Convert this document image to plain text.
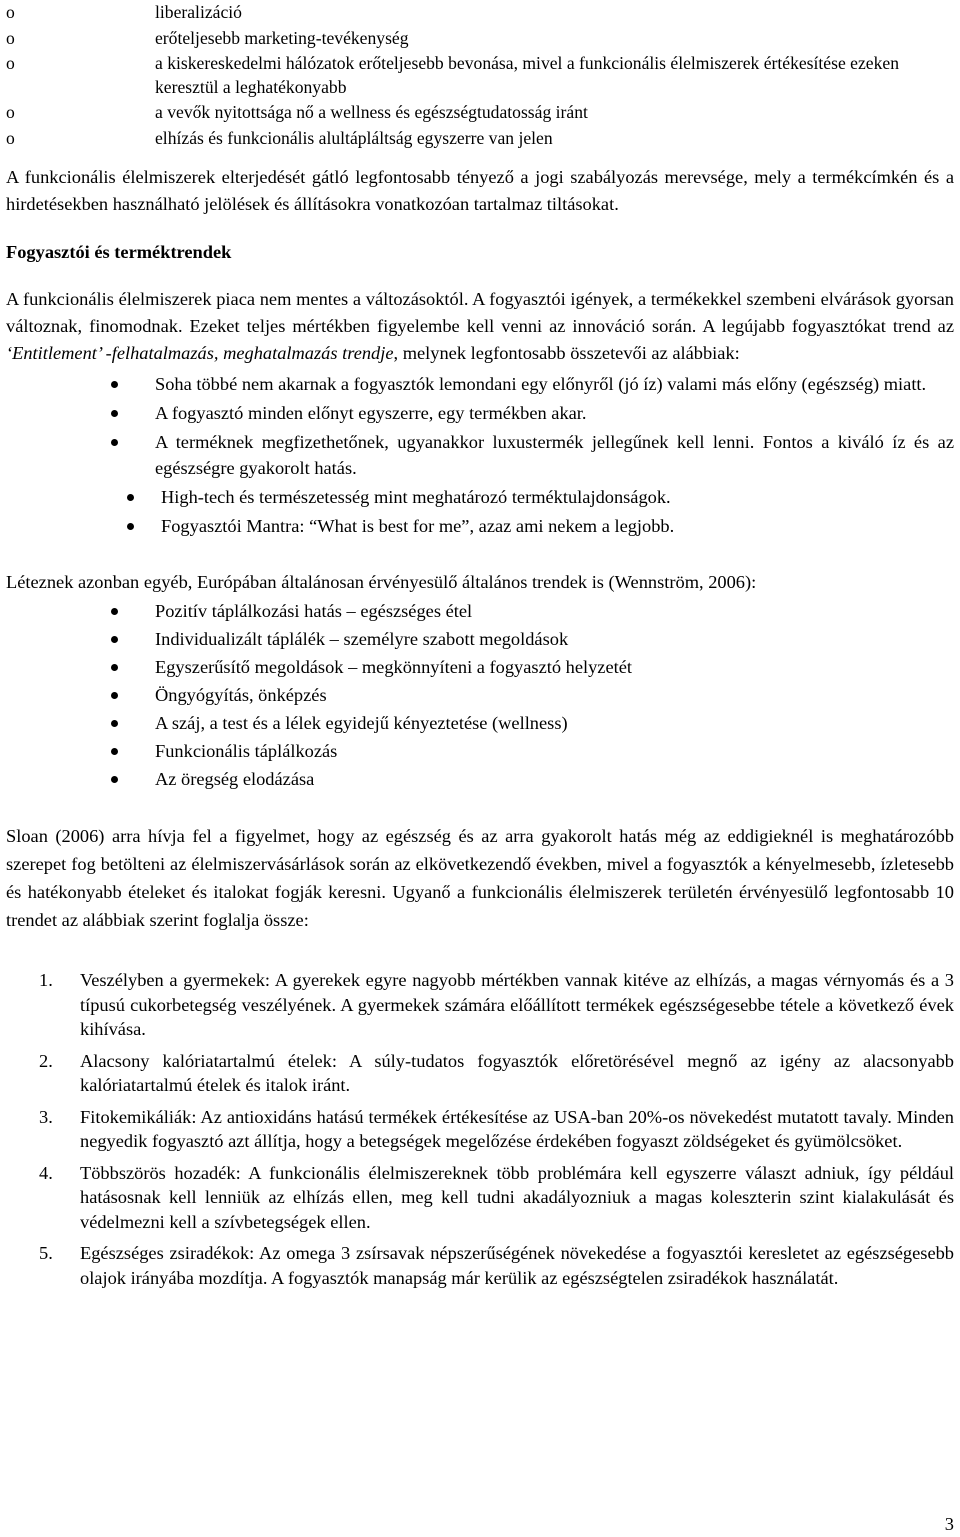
o	liberalizáció
o	erőteljesebb marketing-tevékenység
o	a kiskereskedelmi hálózatok erőteljesebb bevonása, mivel a funkcionális élelmiszerek értékesítése ezeken keresztül a leghatékonyabb
o	a vevők nyitottsága nő a wellness és egészségtudatosság iránt
o	elhízás és funkcionális alultápláltság egyszerre van jelen

A funkcionális élelmiszerek elterjedését gátló legfontosabb tényező a jogi szabályozás merevsége, mely a termékcímkén és a hirdetésekben használható jelölések és állításokra vonatkozóan tartalmaz tiltásokat.

Fogyasztói és terméktrendek

A funkcionális élelmiszerek piaca nem mentes a változásoktól. A fogyasztói igények, a termékekkel szembeni elvárások gyorsan változnak, finomodnak. Ezeket teljes mértékben figyelembe kell venni az innováció során. A legújabb fogyasztókat trend az ‘Entitlement’ -felhatalmazás, meghatalmazás trendje, melynek legfontosabb összetevői az alábbiak:

Soha többé nem akarnak a fogyasztók lemondani egy előnyről (jó íz) valami más előny (egészség) miatt.
A fogyasztó minden előnyt egyszerre, egy termékben akar.
A terméknek megfizethetőnek, ugyanakkor luxustermék jellegűnek kell lenni. Fontos a kiváló íz és az egészségre gyakorolt hatás.
High-tech és természetesség mint meghatározó terméktulajdonságok.
Fogyasztói Mantra: “What is best for me”, azaz ami nekem a legjobb.

Léteznek azonban egyéb, Európában általánosan érvényesülő általános trendek is (Wennström, 2006):

Pozitív táplálkozási hatás – egészséges étel
Individualizált táplálék – személyre szabott megoldások
Egyszerűsítő megoldások – megkönnyíteni a fogyasztó helyzetét
Öngyógyítás, önképzés
A száj, a test és a lélek egyidejű kényeztetése (wellness)
Funkcionális táplálkozás
Az öregség elodázása

Sloan (2006) arra hívja fel a figyelmet, hogy az egészség és az arra gyakorolt hatás még az eddigieknél is meghatározóbb szerepet fog betölteni az élelmiszervásárlások során az elkövetkezendő években, mivel a fogyasztók a kényelmesebb, ízletesebb és hatékonyabb ételeket és italokat fogják keresni. Ugyanő a funkcionális élelmiszerek területén érvényesülő legfontosabb 10 trendet az alábbiak szerint foglalja össze:

1. Veszélyben a gyermekek: A gyerekek egyre nagyobb mértékben vannak kitéve az elhízás, a magas vérnyomás és a 3 típusú cukorbetegség veszélyének. A gyermekek számára előállított termékek egészségesebbe tétele a következő évek kihívása.
2. Alacsony kalóriatartalmú ételek: A súly-tudatos fogyasztók előretörésével megnő az igény az alacsonyabb kalóriatartalmú ételek és italok iránt.
3. Fitokemikáliák: Az antioxidáns hatású termékek értékesítése az USA-ban 20%-os növekedést mutatott tavaly. Minden negyedik fogyasztó azt állítja, hogy a betegségek megelőzése érdekében fogyaszt zöldségeket és gyümölcsöket.
4. Többszörös hozadék: A funkcionális élelmiszereknek több problémára kell egyszerre választ adniuk, így például hatásosnak kell lenniük az elhízás ellen, meg kell tudni akadályozniuk a magas koleszterin szint kialakulását és védelmezni kell a szívbetegségek ellen.
5. Egészséges zsiradékok: Az omega 3 zsírsavak népszerűségének növekedése a fogyasztói keresletet az egészségesebb olajok irányába mozdítja. A fogyasztók manapság már kerülik az egészségtelen zsiradékok használatát.
3
